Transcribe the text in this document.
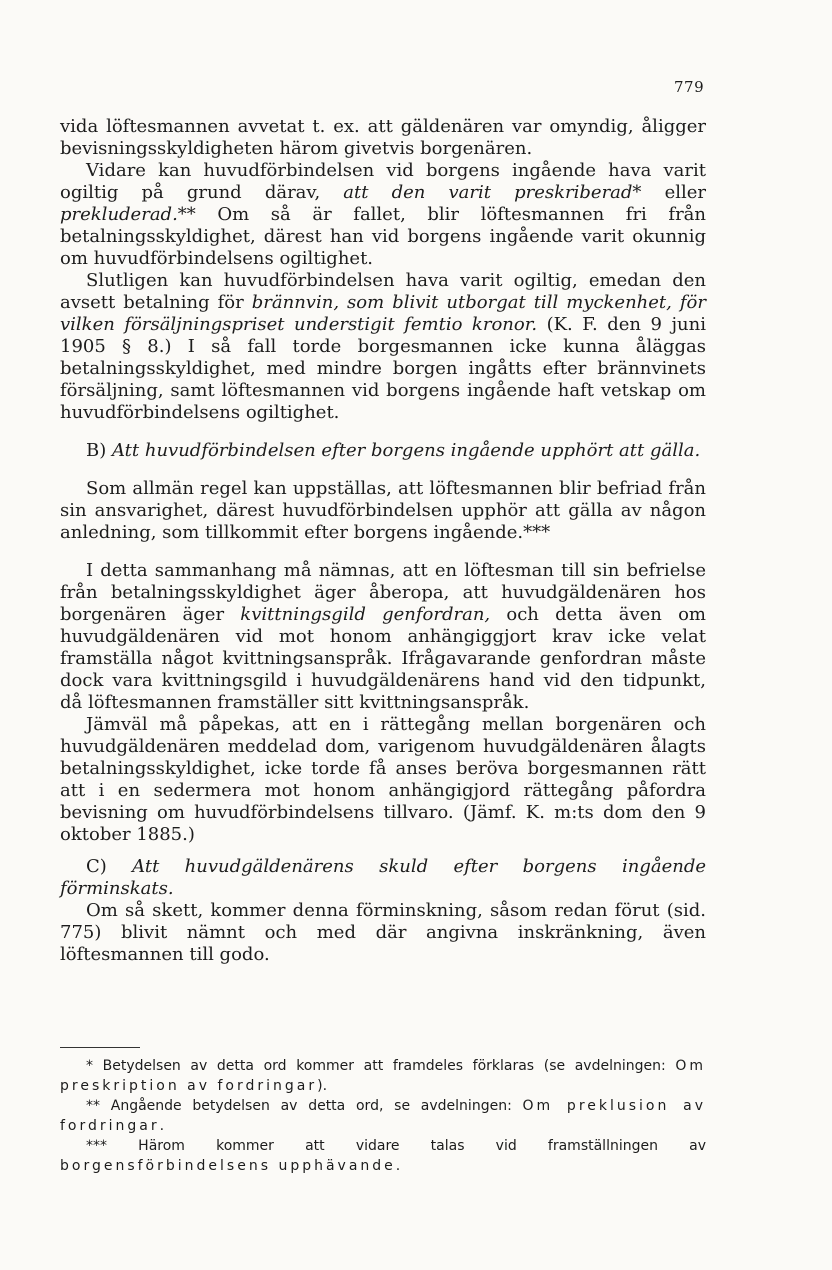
779

vida löftesmannen avvetat t. ex. att gäldenären var omyndig, åligger bevisningsskyldigheten härom givetvis borgenären.

Vidare kan huvudförbindelsen vid borgens ingående hava varit ogiltig på grund därav, att den varit preskriberad* eller prekluderad.** Om så är fallet, blir löftesmannen fri från betalningsskyldighet, därest han vid borgens ingående varit okunnig om huvudförbindelsens ogiltighet.

Slutligen kan huvudförbindelsen hava varit ogiltig, emedan den avsett betalning för brännvin, som blivit utborgat till myckenhet, för vilken försäljningspriset understigit femtio kronor. (K. F. den 9 juni 1905 § 8.) I så fall torde borgesmannen icke kunna åläggas betalningsskyldighet, med mindre borgen ingåtts efter brännvinets försäljning, samt löftesmannen vid borgens ingående haft vetskap om huvudförbindelsens ogiltighet.

B) Att huvudförbindelsen efter borgens ingående upphört att gälla.

Som allmän regel kan uppställas, att löftesmannen blir befriad från sin ansvarighet, därest huvudförbindelsen upphör att gälla av någon anledning, som tillkommit efter borgens ingående.***

I detta sammanhang må nämnas, att en löftesman till sin befrielse från betalningsskyldighet äger åberopa, att huvudgäldenären hos borgenären äger kvittningsgild genfordran, och detta även om huvudgäldenären vid mot honom anhängiggjort krav icke velat framställa något kvittningsanspråk. Ifrågavarande genfordran måste dock vara kvittningsgild i huvudgäldenärens hand vid den tidpunkt, då löftesmannen framställer sitt kvittningsanspråk.

Jämväl må påpekas, att en i rättegång mellan borgenären och huvudgäldenären meddelad dom, varigenom huvudgäldenären ålagts betalningsskyldighet, icke torde få anses beröva borgesmannen rätt att i en sedermera mot honom anhängigjord rättegång påfordra bevisning om huvudförbindelsens tillvaro. (Jämf. K. m:ts dom den 9 oktober 1885.)

C) Att huvudgäldenärens skuld efter borgens ingående förminskats.

Om så skett, kommer denna förminskning, såsom redan förut (sid. 775) blivit nämnt och med där angivna inskränkning, även löftesmannen till godo.

* Betydelsen av detta ord kommer att framdeles förklaras (se avdelningen: Om preskription av fordringar).

** Angående betydelsen av detta ord, se avdelningen: Om preklusion av fordringar.

*** Härom kommer att vidare talas vid framställningen av borgensförbindelsens upphävande.
